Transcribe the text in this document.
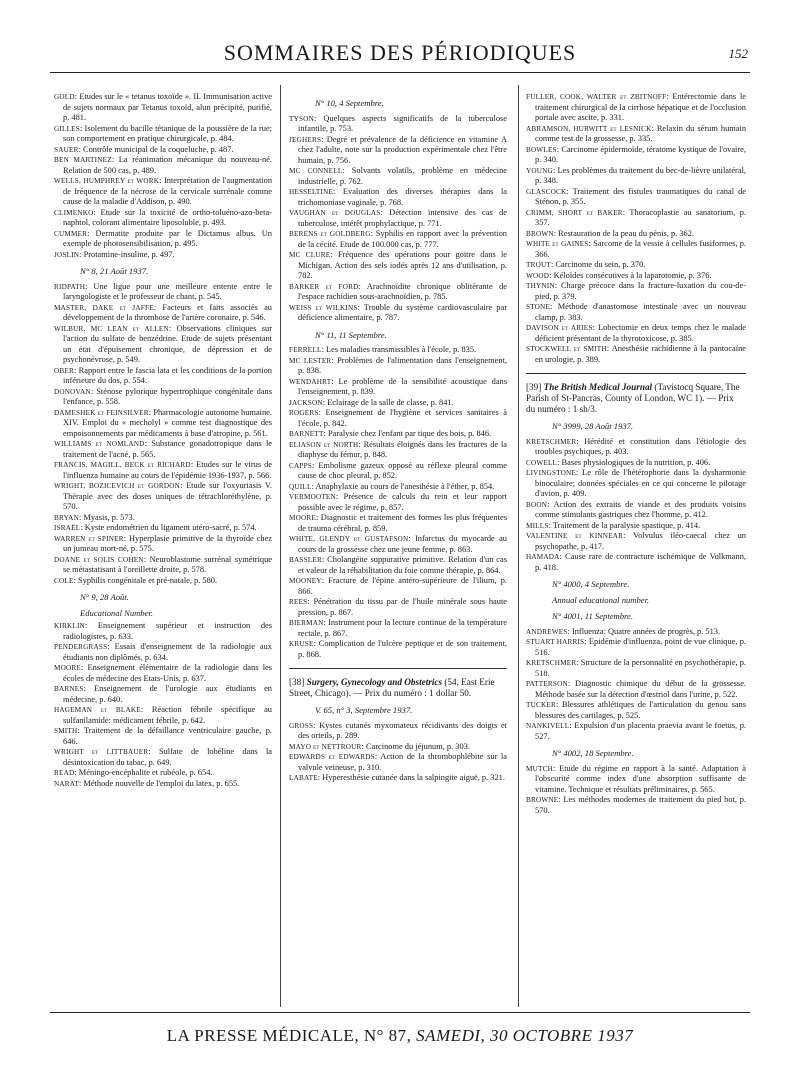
SOMMAIRES DES PÉRIODIQUES	152

GOLD: Etudes sur le « tetanus toxoïde ». II. Immunisation active de sujets normaux par Tetanus toxoïd, alun précipité, purifié, p. 481.

GILLES: Isolement du bacille tétanique de la poussière de la rue; son comportement en pratique chirurgicale, p. 484.

SAUER: Contrôle municipal de la coqueluche, p. 487.

BEN MARTINEZ: La réanimation mécanique du nouveau-né. Relation de 500 cas, p. 489.

WELLS, HUMPHREY et WORK: Interprétation de l'augmentation de fréquence de la nécrose de la cervicale surrénale comme cause de la maladie d'Addison, p. 490.

CLIMENKO: Etude sur la toxicité de ortho-toluéno-azo-beta-naphtol, colorant alimentaire liposoluble, p. 493.

CUMMER: Dermatite produite par le Dictamus albus. Un exemple de photosensibilisation, p. 495.

JOSLIN: Protamine-insuline, p. 497.

N° 8, 21 Août 1937.

RIDPATH: Une ligue pour une meilleure entente entre le laryngologiste et le professeur de chant, p. 545.

MASTER, DAKE et JAFFE: Facteurs et faits associés au développement de la thrombose de l'artère coronaire, p. 546.

WILBUR, MC LEAN et ALLEN: Observations cliniques sur l'action du sulfate de benzédrine. Etude de sujets présentant un état d'épuisement chronique, de dépression et de psychonévrose, p. 549.

OBER: Rapport entre le fascia lata et les conditions de la portion inférieure du dos, p. 554.

DONOVAN: Sténose pylorique hypertrophique congénitale dans l'enfance, p. 558.

DAMESHEK et FEINSILVER: Pharmacologie autonome humaine. XIV. Emploi du « mecholyl » comme test diagnostique des empoisonnements par médicaments à base d'atropine, p. 561.

WILLIAMS et NOMLAND: Substance gonadotropique dans le traitement de l'acné, p. 565.

FRANCIS, MAGILL, BECK et RICHARD: Etudes sur le virus de l'influenza humaine au cours de l'épidémie 1936-1937, p. 566.

WRIGHT, BOZICEVICH et GORDON: Etude sur l'oxyuriasis V. Thérapie avec des doses uniques de tétrachloréthylène, p. 570.

BRYAN: Myasis, p. 573.

ISRAËL: Kyste endométrien du ligament utéro-sacré, p. 574.

WARREN et SPINER: Hyperplasie primitive de la thyroïde chez un jumeau mort-né, p. 575.

DOANE et SOLIS COHEN: Neuroblastome surrénal symétrique se métastatisant à l'oreillette droite, p. 578.

COLE: Syphilis congénitale et pré-natale, p. 580.

N° 9, 28 Août.
Educational Number.

KIRKLIN: Enseignement supérieur et instruction des radiologistes, p. 633.

PENDERGRASS: Essais d'enseignement de la radiologie aux étudiants non diplômés, p. 634.

MOORE: Enseignement élémentaire de la radiologie dans les écoles de médecine des Etats-Unis, p. 637.

BARNES: Enseignement de l'urologie aux étudiants en médecine, p. 640.

HAGEMAN et BLAKE: Réaction fébrile spécifique au sulfanilamide: médicament fébrile, p. 642.

SMITH: Traitement de la défaillance ventriculaire gauche, p. 646.

WRIGHT et LITTBAUER: Sulfate de lobéline dans la désintoxication du tabac, p. 649.

READ: Méningo-encéphalite et rubéole, p. 654.

NARAT: Méthode nouvelle de l'emploi du latex, p. 655.

N° 10, 4 Septembre.

TYSON: Quelques aspects significatifs de la tuberculose infantile, p. 753.

JEGHERS: Degré et prévalence de la déficience en vitamine A chez l'adulte, note sur la production expérimentale chez l'être humain, p. 756.

MC CONNELL: Solvants volatils, problème en médecine industrielle, p. 762.

HESSELTINE: Evaluation des diverses thérapies dans la trichomoniase vaginale, p. 768.

VAUGHAN et DOUGLAS: Détection intensive des cas de tuberculose, intérêt prophylactique, p. 771.

BERENS et GOLDBERG: Syphilis en rapport avec la prévention de la cécité. Etude de 100.000 cas, p. 777.

MC CLURE: Fréquence des opérations pour goitre dans le Michigan. Action des sels iodés après 12 ans d'utilisation, p. 782.

BARKER et FORD: Arachnoïdite chronique oblitérante de l'espace rachidien sous-arachnoïdien, p. 785.

WEISS et WILKINS: Trouble du système cardiovasculaire par déficience alimentaire, p. 787.

N° 11, 11 Septembre.

FERRELL: Les maladies transmissibles à l'école, p. 835.

MC LESTER: Problèmes de l'alimentation dans l'enseignement, p. 838.

WENDAHRT: Le problème de la sensibilité acoustique dans l'enseignement, p. 839.

JACKSON: Eclairage de la salle de classe, p. 841.

ROGERS: Enseignement de l'hygiène et services sanitaires à l'école, p. 842.

BARNETT: Paralysie chez l'enfant par tique des bois, p. 846.

ELIASON et NORTH: Résultats éloignés dans les fractures de la diaphyse du fémur, p. 848.

CAPPS: Embolisme gazeux opposé au réflexe pleural comme cause de choc pleural, p. 852.

QUILL: Anaphylaxie au cours de l'anesthésie à l'éther, p. 854.

VERMOOTEN: Présence de calculs du rein et leur rapport possible avec le régime, p. 857.

MOORE: Diagnostic et traitement des formes les plus fréquentes de trauma cérébral, p. 859.

WHITE, GLENDY et GUSTAFSON: Infarctus du myocarde au cours de la grossesse chez une jeune femme, p. 863.

BASSLER: Cholangéite suppurative primitive. Relation d'un cas et valeur de la réhabilitation du foie comme thérapie, p. 864.

MOONEY: Fracture de l'épine antéro-supérieure de l'ilium, p. 866.

REES: Pénétration du tissu par de l'huile minérale sous haute pression, p. 867.

BIERMAN: Instrument pour la lecture continue de la température rectale, p. 867.

KRUSE: Complication de l'ulcère peptique et de son traitement, p. 868.

[38] Surgery, Gynecology and Obstetrics (54, East Erie Street, Chicago). — Prix du numéro : 1 dollar 50.
V. 65, n° 3, Septembre 1937.

GROSS: Kystes cutanés myxomateux récidivants des doigts et des orteils, p. 289.

MAYO et NETTROUR: Carcinome du jéjunum, p. 303.

EDWARDS et EDWARDS: Action de la thrombophlébite sur la valvule veineuse, p. 310.

LABATE: Hyperesthésie cutanée dans la salpingite aiguë, p. 321.

FULLER, COOK, WALTER et ZBITNOFF: Entérectomie dans le traitement chirurgical de la cirrhose hépatique et de l'occlusion portale avec ascite, p. 331.

ABRAMSON, HURWITT et LESNICK: Relaxin du sérum humain comme test de la grossesse, p. 335.

BOWLES: Carcinome épidermoïde, tératome kystique de l'ovaire, p. 340.

YOUNG: Les problèmes du traitement du bec-de-lièvre unilatéral, p. 348.

GLASCOCK: Traitement des fistules traumatiques du canal de Sténon, p. 355.

CRIMM, SHORT et BAKER: Thoracoplastie au sanatorium, p. 357.

BROWN: Restauration de la peau du pénis, p. 362.

WHITE et GAINES: Sarcome de la vessie à cellules fusiformes, p. 366.

TROUT: Carcinome du sein, p. 370.

WOOD: Kéloïdes consécutives à la laparotomie, p. 376.

THYNIN: Charge précoce dans la fracture-luxation du cou-de-pied, p. 379.

STONE: Méthode d'anastomose intestinale avec un nouveau clamp, p. 383.

DAVISON et ARIES: Lobectomie en deux temps chez le malade déficient présentant de la thyrotoxicose, p. 385.

STOCKWELL et SMITH: Anesthésie rachidienne à la pantocaïne en urologie, p. 389.

[39] The British Medical Journal (Tavistocq Square, The Parish of St-Pancras, County of London, WC 1). — Prix du numéro : 1 sh/3.
N° 3999, 28 Août 1937.

KRETSCHMER: Hérédité et constitution dans l'étiologie des troubles psychiques, p. 403.

COWELL: Bases physiologiques de la nutrition, p. 406.

LIVINGSTONE: Le rôle de l'hétérophorie dans la dysharmonie binoculaire; données spéciales en ce qui concerne le pilotage d'avion, p. 409.

BOON: Action des extraits de viande et des produits voisins comme stimulants gastriques chez l'homme, p. 412.

MILLS: Traitement de la paralysie spastique, p. 414.

VALENTINE et KINNEAR: Volvulus iléo-caecal chez un psychopathe, p. 417.

HAMADA: Cause rare de contracture ischémique de Volkmann, p. 418.

N° 4000, 4 Septembre.
Annual educational number.
N° 4001, 11 Septembre.

ANDREWES: Influenza: Quatre années de progrès, p. 513.

STUART HARRIS: Epidémie d'influenza, point de vue clinique, p. 516.

KRETSCHMER: Structure de la personnalité en psychothérapie, p. 518.

PATTERSON: Diagnostic chimique du début de la grossesse. Méthode basée sur la détection d'œstriol dans l'urine, p. 522.

TUCKER: Blessures athlétiques de l'articulation du genou sans blessures des cartilages, p. 525.

NANKIVELL: Expulsion d'un placenta praevia avant le foetus, p. 527.

N° 4002, 18 Septembre.

MUTCH: Etude du régime en rapport à la santé. Adaptation à l'obscurité comme index d'une absorption suffisante de vitamine. Technique et résultats préliminaires, p. 565.

BROWNE: Les méthodes modernes de traitement du pied bot, p. 570.

LA PRESSE MÉDICALE, N° 87, SAMEDI, 30 OCTOBRE 1937
